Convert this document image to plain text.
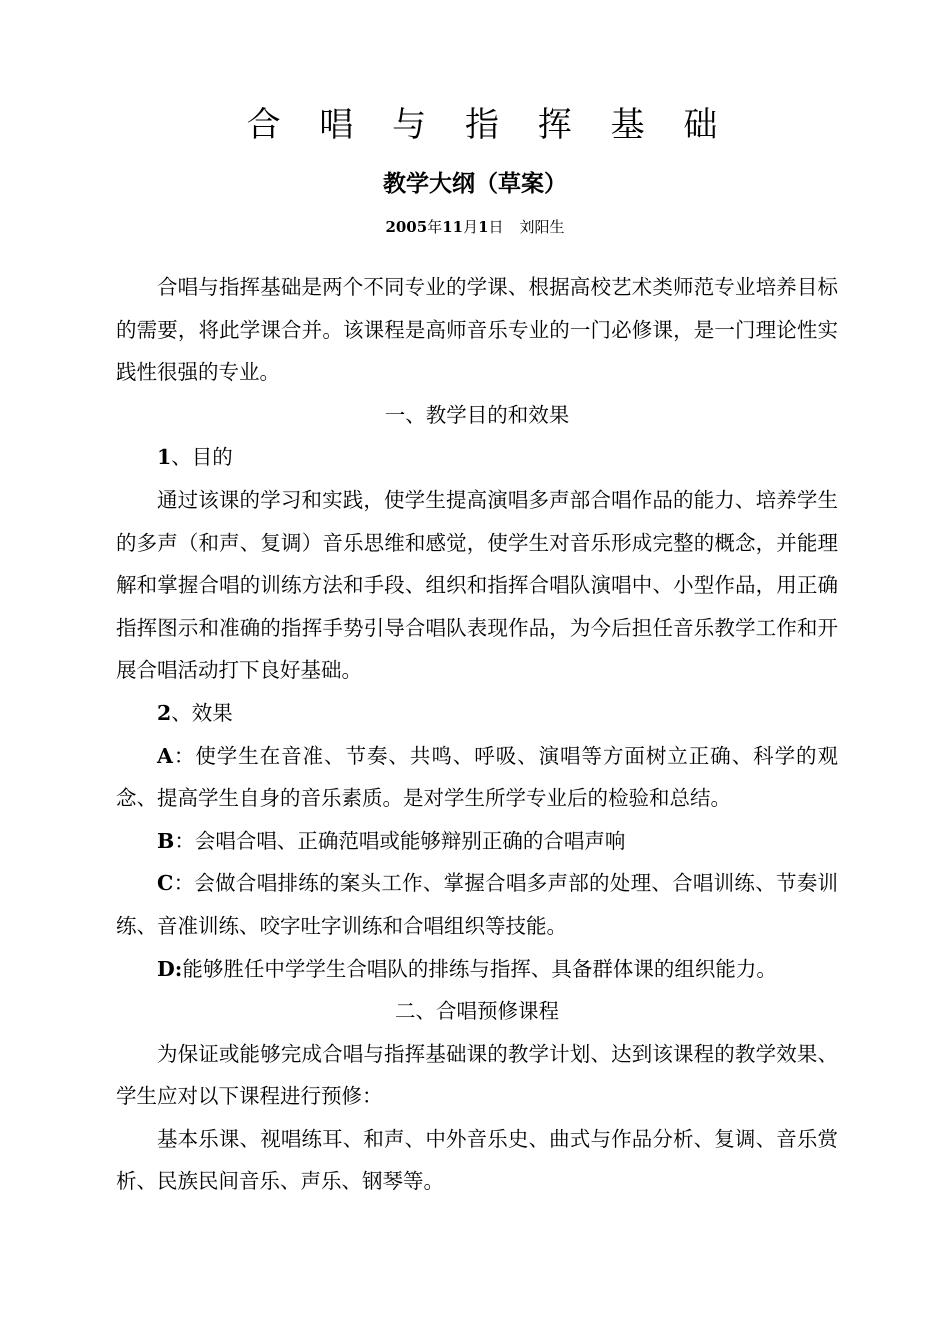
合 唱 与 指 挥 基 础
教学大纲（草案）
2005年11月1日 刘阳生

合唱与指挥基础是两个不同专业的学课、根据高校艺术类师范专业培养目标的需要，将此学课合并。该课程是高师音乐专业的一门必修课，是一门理论性实践性很强的专业。

一、教学目的和效果

1、目的

通过该课的学习和实践，使学生提高演唱多声部合唱作品的能力、培养学生的多声（和声、复调）音乐思维和感觉，使学生对音乐形成完整的概念，并能理解和掌握合唱的训练方法和手段、组织和指挥合唱队演唱中、小型作品，用正确指挥图示和准确的指挥手势引导合唱队表现作品，为今后担任音乐教学工作和开展合唱活动打下良好基础。

2、效果

A：使学生在音准、节奏、共鸣、呼吸、演唱等方面树立正确、科学的观念、提高学生自身的音乐素质。是对学生所学专业后的检验和总结。

B：会唱合唱、正确范唱或能够辩别正确的合唱声响

C：会做合唱排练的案头工作、掌握合唱多声部的处理、合唱训练、节奏训练、音准训练、咬字吐字训练和合唱组织等技能。

D:能够胜任中学学生合唱队的排练与指挥、具备群体课的组织能力。

二、合唱预修课程

为保证或能够完成合唱与指挥基础课的教学计划、达到该课程的教学效果、学生应对以下课程进行预修：

基本乐课、视唱练耳、和声、中外音乐史、曲式与作品分析、复调、音乐赏析、民族民间音乐、声乐、钢琴等。
